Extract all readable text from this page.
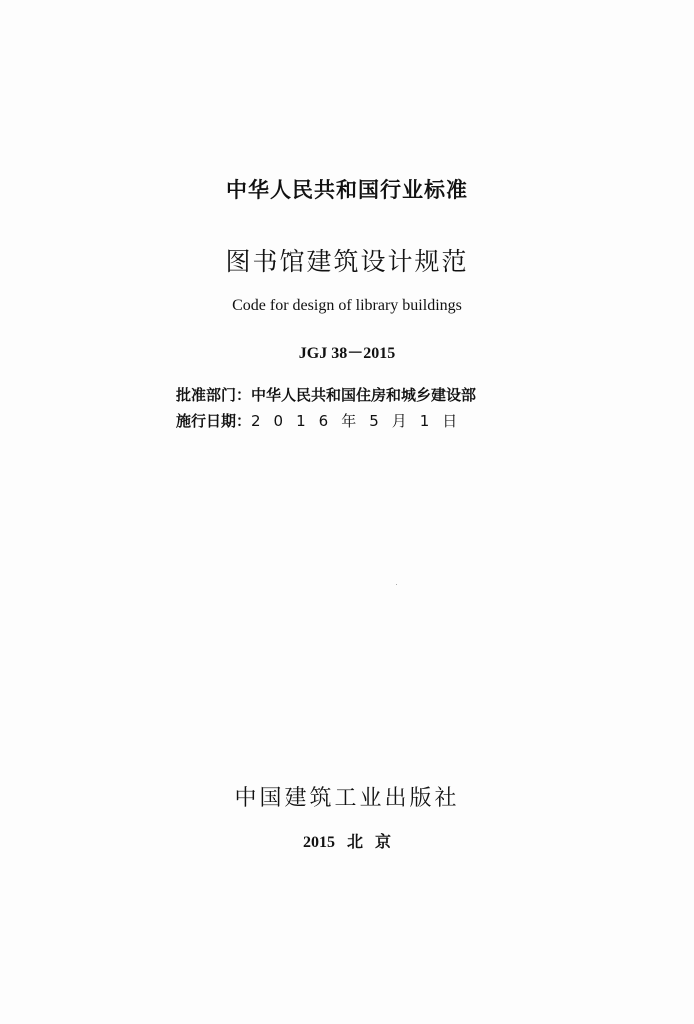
中华人民共和国行业标准
图书馆建筑设计规范
Code for design of library buildings
JGJ 38－2015
批准部门：中华人民共和国住房和城乡建设部
施行日期：2016年5月1日
中国建筑工业出版社
2015 北 京
